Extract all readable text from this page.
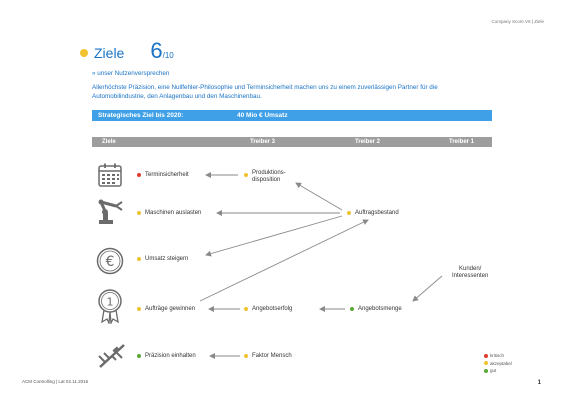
Company Score V6 | Ziele
Ziele 6 /10
» unser Nutzenversprechen
Allerhöchste Präzision, eine Nullfehler-Philosophie und Terminsicherheit machen uns zu einem zuverlässigen Partner für die Automobilindustrie, den Anlagenbau und den Maschinenbau.
Strategisches Ziel bis 2020:	40 Mio € Umsatz
Ziele	Treiber 3	Treiber 2	Treiber 1
€
1
Terminsicherheit
Maschinen auslasten
Umsatz steigern
Aufträge gewinnen
Präzision einhalten
Produktions-
disposition
Angebotserfolg
Faktor Mensch
Auftragsbestand
Angebotsmenge
Kunden/
Interessenten
kritisch
akzeptabel
gut
ACM Controlling | Lat 02.11.2016	1
